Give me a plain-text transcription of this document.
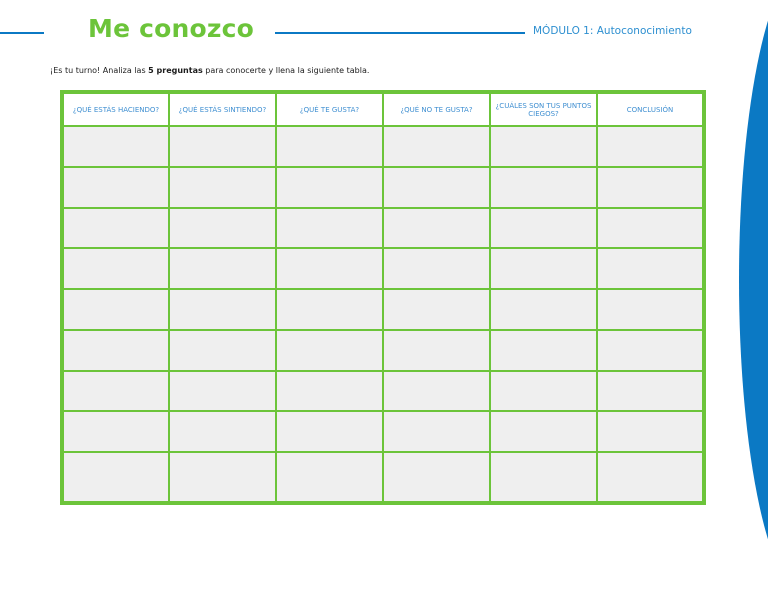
Me conozco	MÓDULO 1: Autoconocimiento

¡Es tu turno! Analiza las 5 preguntas para conocerte y llena la siguiente tabla.

¿QUÉ ESTÁS HACIENDO?	¿QUÉ ESTÁS SINTIENDO?	¿QUÉ TE GUSTA?	¿QUÉ NO TE GUSTA?	¿CUÁLES SON TUS PUNTOS CIEGOS?	CONCLUSIÓN
